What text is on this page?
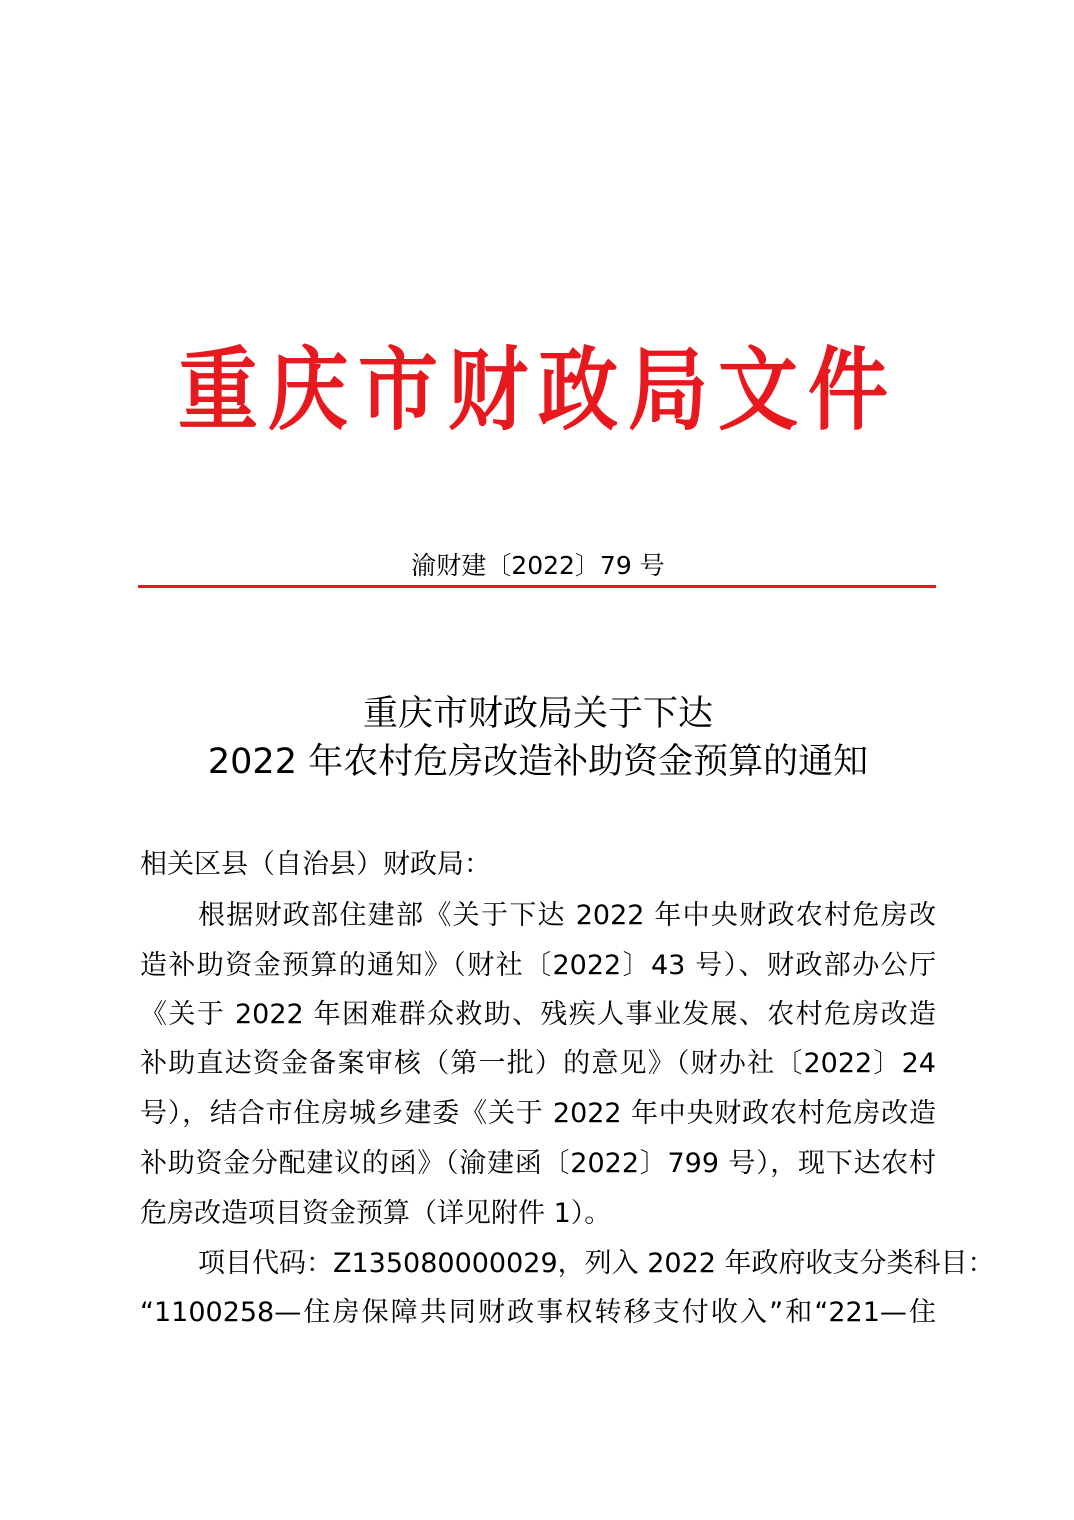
重庆市财政局文件
渝财建〔2022〕79 号
重庆市财政局关于下达
2022 年农村危房改造补助资金预算的通知
相关区县（自治县）财政局：
根据财政部住建部《关于下达 2022 年中央财政农村危房改
造补助资金预算的通知》（财社〔2022〕43 号）、财政部办公厅
《关于 2022 年困难群众救助、残疾人事业发展、农村危房改造
补助直达资金备案审核（第一批）的意见》（财办社〔2022〕24
号），结合市住房城乡建委《关于 2022 年中央财政农村危房改造
补助资金分配建议的函》（渝建函〔2022〕799 号），现下达农村
危房改造项目资金预算（详见附件 1）。
项目代码：Z135080000029，列入 2022 年政府收支分类科目：
“1100258—住房保障共同财政事权转移支付收入”和“221—住
